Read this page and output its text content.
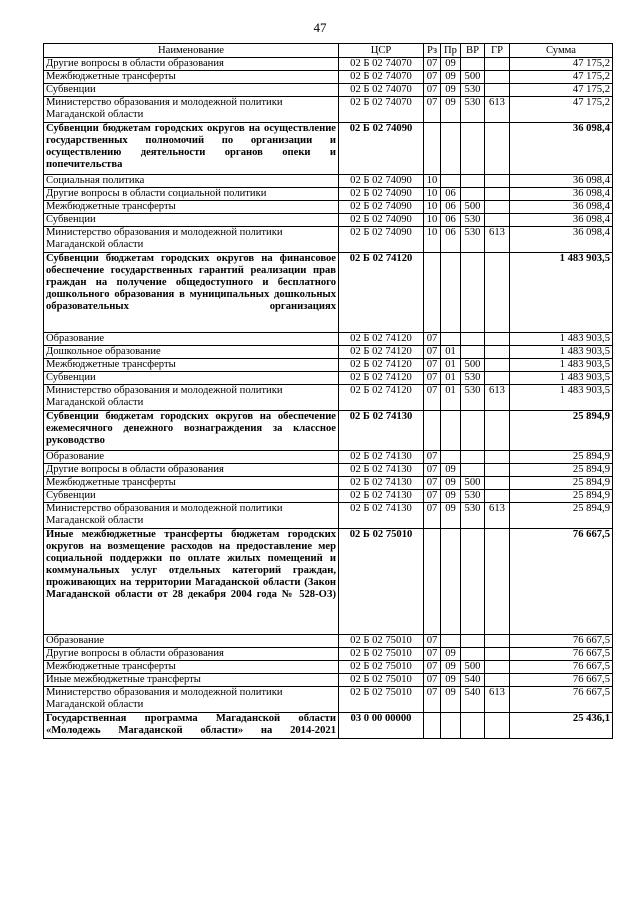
47
Наименование	ЦСР	Рз	Пр	ВР	ГР	Сумма
Другие вопросы в области образования	02 Б 02 74070	07	09			47 175,2
Межбюджетные трансферты	02 Б 02 74070	07	09	500		47 175,2
Субвенции	02 Б 02 74070	07	09	530		47 175,2
Министерство образования и молодежной политики Магаданской области	02 Б 02 74070	07	09	530	613	47 175,2
Субвенции бюджетам городских округов на осуществление государственных полномочий по организации и осуществлению деятельности органов опеки и попечительства	02 Б 02 74090					36 098,4
Социальная политика	02 Б 02 74090	10				36 098,4
Другие вопросы в области социальной политики	02 Б 02 74090	10	06			36 098,4
Межбюджетные трансферты	02 Б 02 74090	10	06	500		36 098,4
Субвенции	02 Б 02 74090	10	06	530		36 098,4
Министерство образования и молодежной политики Магаданской области	02 Б 02 74090	10	06	530	613	36 098,4
Субвенции бюджетам городских округов на финансовое обеспечение государственных гарантий реализации прав граждан на получение общедоступного и бесплатного дошкольного образования в муниципальных дошкольных образовательных организациях	02 Б 02 74120					1 483 903,5
Образование	02 Б 02 74120	07				1 483 903,5
Дошкольное образование	02 Б 02 74120	07	01			1 483 903,5
Межбюджетные трансферты	02 Б 02 74120	07	01	500		1 483 903,5
Субвенции	02 Б 02 74120	07	01	530		1 483 903,5
Министерство образования и молодежной политики Магаданской области	02 Б 02 74120	07	01	530	613	1 483 903,5
Субвенции бюджетам городских округов на обеспечение ежемесячного денежного вознаграждения за классное руководство	02 Б 02 74130					25 894,9
Образование	02 Б 02 74130	07				25 894,9
Другие вопросы в области образования	02 Б 02 74130	07	09			25 894,9
Межбюджетные трансферты	02 Б 02 74130	07	09	500		25 894,9
Субвенции	02 Б 02 74130	07	09	530		25 894,9
Министерство образования и молодежной политики Магаданской области	02 Б 02 74130	07	09	530	613	25 894,9
Иные межбюджетные трансферты бюджетам городских округов на возмещение расходов на предоставление мер социальной поддержки по оплате жилых помещений и коммунальных услуг отдельных категорий граждан, проживающих на территории Магаданской области (Закон Магаданской области от 28 декабря 2004 года № 528-ОЗ)	02 Б 02 75010					76 667,5
Образование	02 Б 02 75010	07				76 667,5
Другие вопросы в области образования	02 Б 02 75010	07	09			76 667,5
Межбюджетные трансферты	02 Б 02 75010	07	09	500		76 667,5
Иные межбюджетные трансферты	02 Б 02 75010	07	09	540		76 667,5
Министерство образования и молодежной политики Магаданской области	02 Б 02 75010	07	09	540	613	76 667,5
Государственная программа Магаданской области «Молодежь Магаданской области» на 2014-2021	03 0 00 00000					25 436,1
